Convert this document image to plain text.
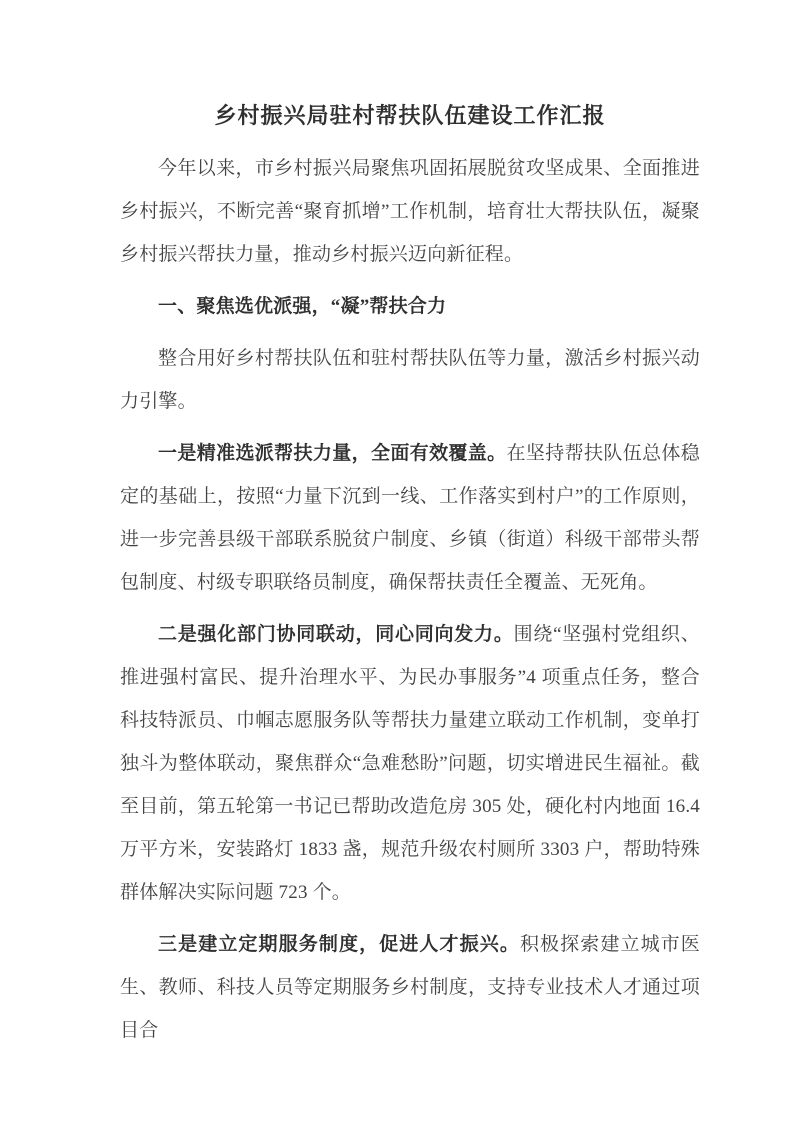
乡村振兴局驻村帮扶队伍建设工作汇报

今年以来，市乡村振兴局聚焦巩固拓展脱贫攻坚成果、全面推进乡村振兴，不断完善“聚育抓增”工作机制，培育壮大帮扶队伍，凝聚乡村振兴帮扶力量，推动乡村振兴迈向新征程。

一、聚焦选优派强，“凝”帮扶合力

整合用好乡村帮扶队伍和驻村帮扶队伍等力量，激活乡村振兴动力引擎。

一是精准选派帮扶力量，全面有效覆盖。在坚持帮扶队伍总体稳定的基础上，按照“力量下沉到一线、工作落实到村户”的工作原则，进一步完善县级干部联系脱贫户制度、乡镇（街道）科级干部带头帮包制度、村级专职联络员制度，确保帮扶责任全覆盖、无死角。

二是强化部门协同联动，同心同向发力。围绕“坚强村党组织、推进强村富民、提升治理水平、为民办事服务”4 项重点任务，整合科技特派员、巾帼志愿服务队等帮扶力量建立联动工作机制，变单打独斗为整体联动，聚焦群众“急难愁盼”问题，切实增进民生福祉。截至目前，第五轮第一书记已帮助改造危房 305 处，硬化村内地面 16.4 万平方米，安装路灯 1833 盏，规范升级农村厕所 3303 户，帮助特殊群体解决实际问题 723 个。

三是建立定期服务制度，促进人才振兴。积极探索建立城市医生、教师、科技人员等定期服务乡村制度，支持专业技术人才通过项目合
